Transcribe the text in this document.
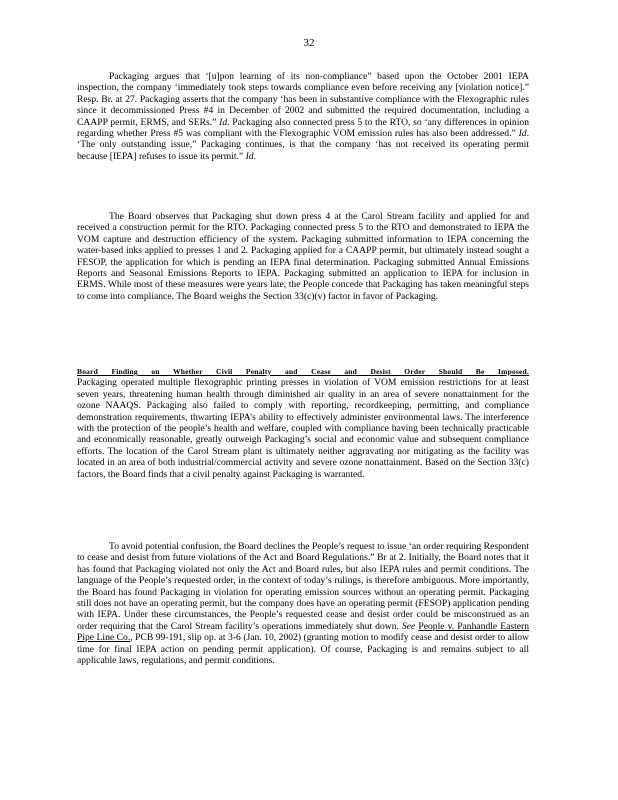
32

Packaging argues that ‘[u]pon learning of its non-compliance” based upon the October 2001 IEPA inspection, the company ‘immediately took steps towards compliance even before receiving any [violation notice].” Resp. Br. at 27. Packaging asserts that the company ‘has been in substantive compliance with the Flexographic rules since it decommissioned Press #4 in December of 2002 and submitted the required documentation, including a CAAPP permit, ERMS, and SERs.” Id. Packaging also connected press 5 to the RTO, so ‘any differences in opinion regarding whether Press #5 was compliant with the Flexographic VOM emission rules has also been addressed.” Id. ‘The only outstanding issue,” Packaging continues, is that the company ‘has not received its operating permit because [IEPA] refuses to issue its permit.” Id.

The Board observes that Packaging shut down press 4 at the Carol Stream facility and applied for and received a construction permit for the RTO. Packaging connected press 5 to the RTO and demonstrated to IEPA the VOM capture and destruction efficiency of the system. Packaging submitted information to IEPA concerning the water-based inks applied to presses 1 and 2. Packaging applied for a CAAPP permit, but ultimately instead sought a FESOP, the application for which is pending an IEPA final determination. Packaging submitted Annual Emissions Reports and Seasonal Emissions Reports to IEPA. Packaging submitted an application to IEPA for inclusion in ERMS. While most of these measures were years late, the People concede that Packaging has taken meaningful steps to come into compliance. The Board weighs the Section 33(c)(v) factor in favor of Packaging.

Board Finding on Whether Civil Penalty and Cease and Desist Order Should Be Imposed. Packaging operated multiple flexographic printing presses in violation of VOM emission restrictions for at least seven years, threatening human health through diminished air quality in an area of severe nonattainment for the ozone NAAQS. Packaging also failed to comply with reporting, recordkeeping, permitting, and compliance demonstration requirements, thwarting IEPA’s ability to effectively administer environmental laws. The interference with the protection of the people’s health and welfare, coupled with compliance having been technically practicable and economically reasonable, greatly outweigh Packaging’s social and economic value and subsequent compliance efforts. The location of the Carol Stream plant is ultimately neither aggravating nor mitigating as the facility was located in an area of both industrial/commercial activity and severe ozone nonattainment. Based on the Section 33(c) factors, the Board finds that a civil penalty against Packaging is warranted.

To avoid potential confusion, the Board declines the People’s request to issue ‘an order requiring Respondent to cease and desist from future violations of the Act and Board Regulations.” Br at 2. Initially, the Board notes that it has found that Packaging violated not only the Act and Board rules, but also IEPA rules and permit conditions. The language of the People’s requested order, in the context of today’s rulings, is therefore ambiguous. More importantly, the Board has found Packaging in violation for operating emission sources without an operating permit. Packaging still does not have an operating permit, but the company does have an operating permit (FESOP) application pending with IEPA. Under these circumstances, the People’s requested cease and desist order could be misconstrued as an order requiring that the Carol Stream facility’s operations immediately shut down. See People v. Panhandle Eastern Pipe Line Co., PCB 99-191, slip op. at 3-6 (Jan. 10, 2002) (granting motion to modify cease and desist order to allow time for final IEPA action on pending permit application). Of course, Packaging is and remains subject to all applicable laws, regulations, and permit conditions.
